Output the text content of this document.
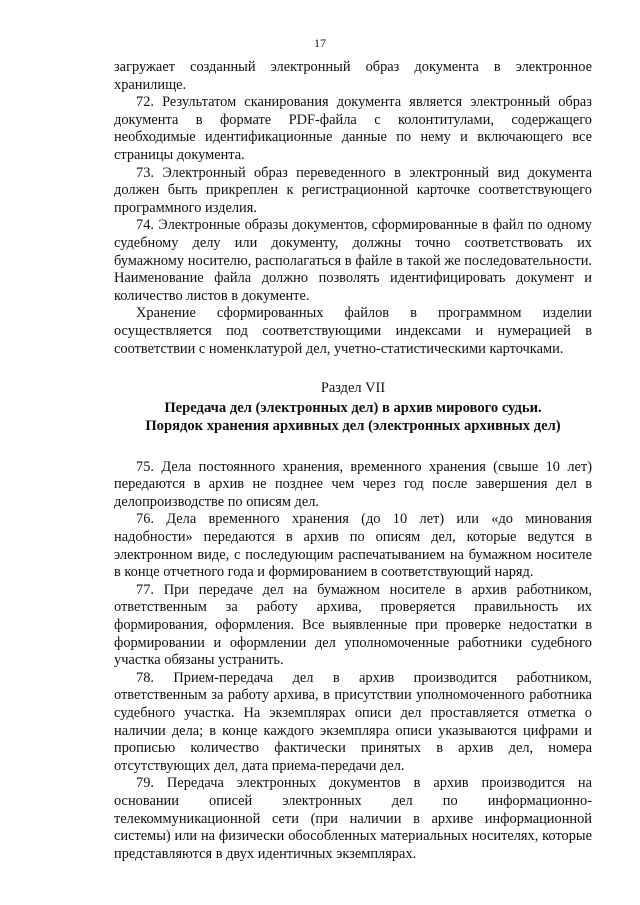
17

загружает созданный электронный образ документа в электронное хранилище.

72. Результатом сканирования документа является электронный образ документа в формате PDF-файла с колонтитулами, содержащего необходимые идентификационные данные по нему и включающего все страницы документа.

73. Электронный образ переведенного в электронный вид документа должен быть прикреплен к регистрационной карточке соответствующего программного изделия.

74. Электронные образы документов, сформированные в файл по одному судебному делу или документу, должны точно соответствовать их бумажному носителю, располагаться в файле в такой же последовательности. Наименование файла должно позволять идентифицировать документ и количество листов в документе.

Хранение сформированных файлов в программном изделии осуществляется под соответствующими индексами и нумерацией в соответствии с номенклатурой дел, учетно-статистическими карточками.

Раздел VII

Передача дел (электронных дел) в архив мирового судьи.

Порядок хранения архивных дел (электронных архивных дел)

75. Дела постоянного хранения, временного хранения (свыше 10 лет) передаются в архив не позднее чем через год после завершения дел в делопроизводстве по описям дел.

76. Дела временного хранения (до 10 лет) или «до минования надобности» передаются в архив по описям дел, которые ведутся в электронном виде, с последующим распечатыванием на бумажном носителе в конце отчетного года и формированием в соответствующий наряд.

77. При передаче дел на бумажном носителе в архив работником, ответственным за работу архива, проверяется правильность их формирования, оформления. Все выявленные при проверке недостатки в формировании и оформлении дел уполномоченные работники судебного участка обязаны устранить.

78. Прием-передача дел в архив производится работником, ответственным за работу архива, в присутствии уполномоченного работника судебного участка. На экземплярах описи дел проставляется отметка о наличии дела; в конце каждого экземпляра описи указываются цифрами и прописью количество фактически принятых в архив дел, номера отсутствующих дел, дата приема-передачи дел.

79. Передача электронных документов в архив производится на основании описей электронных дел по информационно-телекоммуникационной сети (при наличии в архиве информационной системы) или на физически обособленных материальных носителях, которые представляются в двух идентичных экземплярах.
